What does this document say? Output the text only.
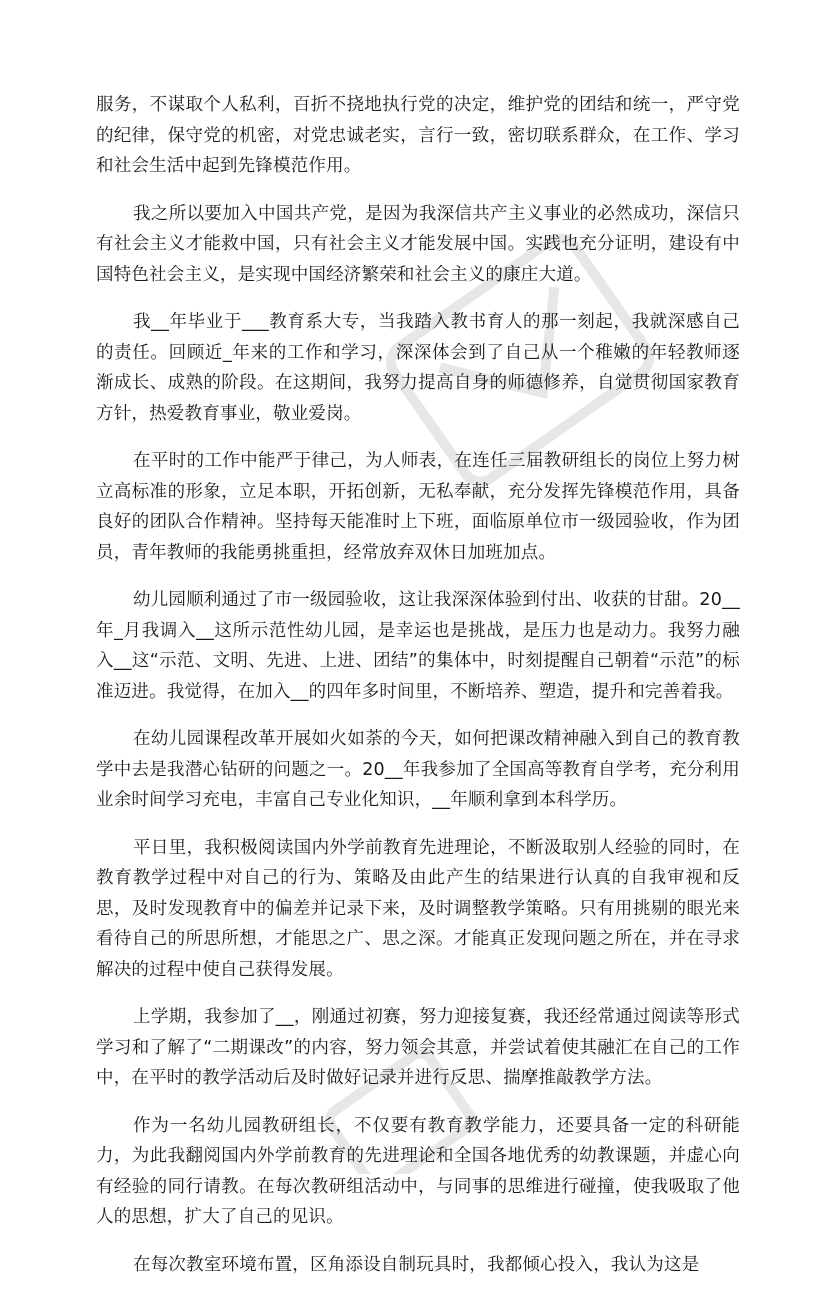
服务，不谋取个人私利，百折不挠地执行党的决定，维护党的团结和统一，严守党的纪律，保守党的机密，对党忠诚老实，言行一致，密切联系群众，在工作、学习和社会生活中起到先锋模范作用。

我之所以要加入中国共产党，是因为我深信共产主义事业的必然成功，深信只有社会主义才能救中国，只有社会主义才能发展中国。实践也充分证明，建设有中国特色社会主义，是实现中国经济繁荣和社会主义的康庄大道。

我__年毕业于___教育系大专，当我踏入教书育人的那一刻起，我就深感自己的责任。回顾近_年来的工作和学习，深深体会到了自己从一个稚嫩的年轻教师逐渐成长、成熟的阶段。在这期间，我努力提高自身的师德修养，自觉贯彻国家教育方针，热爱教育事业，敬业爱岗。

在平时的工作中能严于律己，为人师表，在连任三届教研组长的岗位上努力树立高标准的形象，立足本职，开拓创新，无私奉献，充分发挥先锋模范作用，具备良好的团队合作精神。坚持每天能准时上下班，面临原单位市一级园验收，作为团员，青年教师的我能勇挑重担，经常放弃双休日加班加点。

幼儿园顺利通过了市一级园验收，这让我深深体验到付出、收获的甘甜。20__年_月我调入__这所示范性幼儿园，是幸运也是挑战，是压力也是动力。我努力融入__这“示范、文明、先进、上进、团结”的集体中，时刻提醒自己朝着“示范”的标准迈进。我觉得，在加入__的四年多时间里，不断培养、塑造，提升和完善着我。

在幼儿园课程改革开展如火如荼的今天，如何把课改精神融入到自己的教育教学中去是我潜心钻研的问题之一。20__年我参加了全国高等教育自学考，充分利用业余时间学习充电，丰富自己专业化知识，__年顺利拿到本科学历。

平日里，我积极阅读国内外学前教育先进理论，不断汲取别人经验的同时，在教育教学过程中对自己的行为、策略及由此产生的结果进行认真的自我审视和反思，及时发现教育中的偏差并记录下来，及时调整教学策略。只有用挑剔的眼光来看待自己的所思所想，才能思之广、思之深。才能真正发现问题之所在，并在寻求解决的过程中使自己获得发展。

上学期，我参加了__，刚通过初赛，努力迎接复赛，我还经常通过阅读等形式学习和了解了“二期课改”的内容，努力领会其意，并尝试着使其融汇在自己的工作中，在平时的教学活动后及时做好记录并进行反思、揣摩推敲教学方法。

作为一名幼儿园教研组长，不仅要有教育教学能力，还要具备一定的科研能力，为此我翻阅国内外学前教育的先进理论和全国各地优秀的幼教课题，并虚心向有经验的同行请教。在每次教研组活动中，与同事的思维进行碰撞，使我吸取了他人的思想，扩大了自己的见识。

在每次教室环境布置，区角添设自制玩具时，我都倾心投入，我认为这是
